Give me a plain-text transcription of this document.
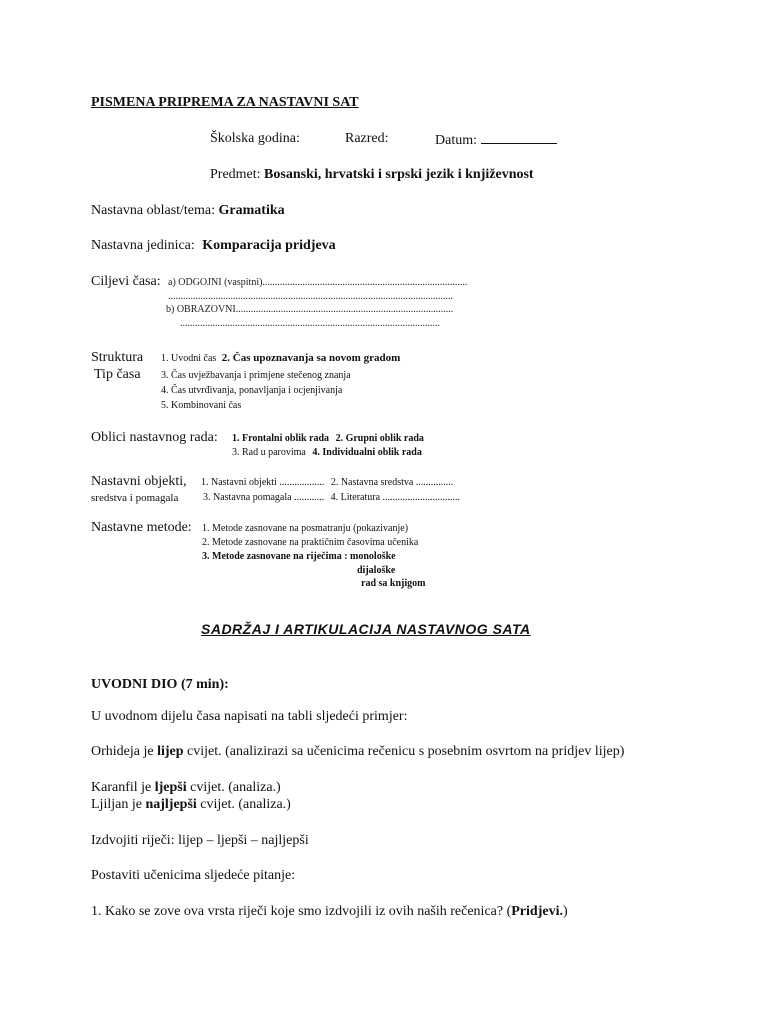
PISMENA PRIPREMA ZA NASTAVNI SAT
Školska godina:	Razred:	Datum:
Predmet: Bosanski, hrvatski i srpski jezik i književnost
Nastavna oblast/tema: Gramatika
Nastavna jedinica: Komparacija pridjeva
Ciljevi časa: a) ODGOJNI (vaspitni)..................................................................................
..................................................................................................................
b) OBRAZOVNI.......................................................................................
........................................................................................................
Struktura
Tip časa
1. Uvodni čas 2. Čas upoznavanja sa novom gradom
3. Čas uvježbavanja i primjene stečenog znanja
4. Čas utvrđivanja, ponavljanja i ocjenjivanja
5. Kombinovani čas
Oblici nastavnog rada: 1. Frontalni oblik rada 2. Grupni oblik rada
3. Rad u parovima 4. Individualni oblik rada
Nastavni objekti,
sredstva i pomagala
1. Nastavni objekti .................. 2. Nastavna sredstva ...............
3. Nastavna pomagala ............ 4. Literatura ...............................
Nastavne metode: 1. Metode zasnovane na posmatranju (pokazivanje)
2. Metode zasnovane na praktičnim časovima učenika
3. Metode zasnovane na riječima : monološke
dijaloške
rad sa knjigom
SADRŽAJ I ARTIKULACIJA NASTAVNOG SATA
UVODNI DIO (7 min):
U uvodnom dijelu časa napisati na tabli sljedeći primjer:
Orhideja je lijep cvijet. (analizirazi sa učenicima rečenicu s posebnim osvrtom na pridjev lijep)
Karanfil je ljepši cvijet. (analiza.)
Ljiljan je najljepši cvijet. (analiza.)
Izdvojiti riječi: lijep – ljepši – najljepši
Postaviti učenicima sljedeće pitanje:
1. Kako se zove ova vrsta riječi koje smo izdvojili iz ovih naših rečenica? (Pridjevi.)
